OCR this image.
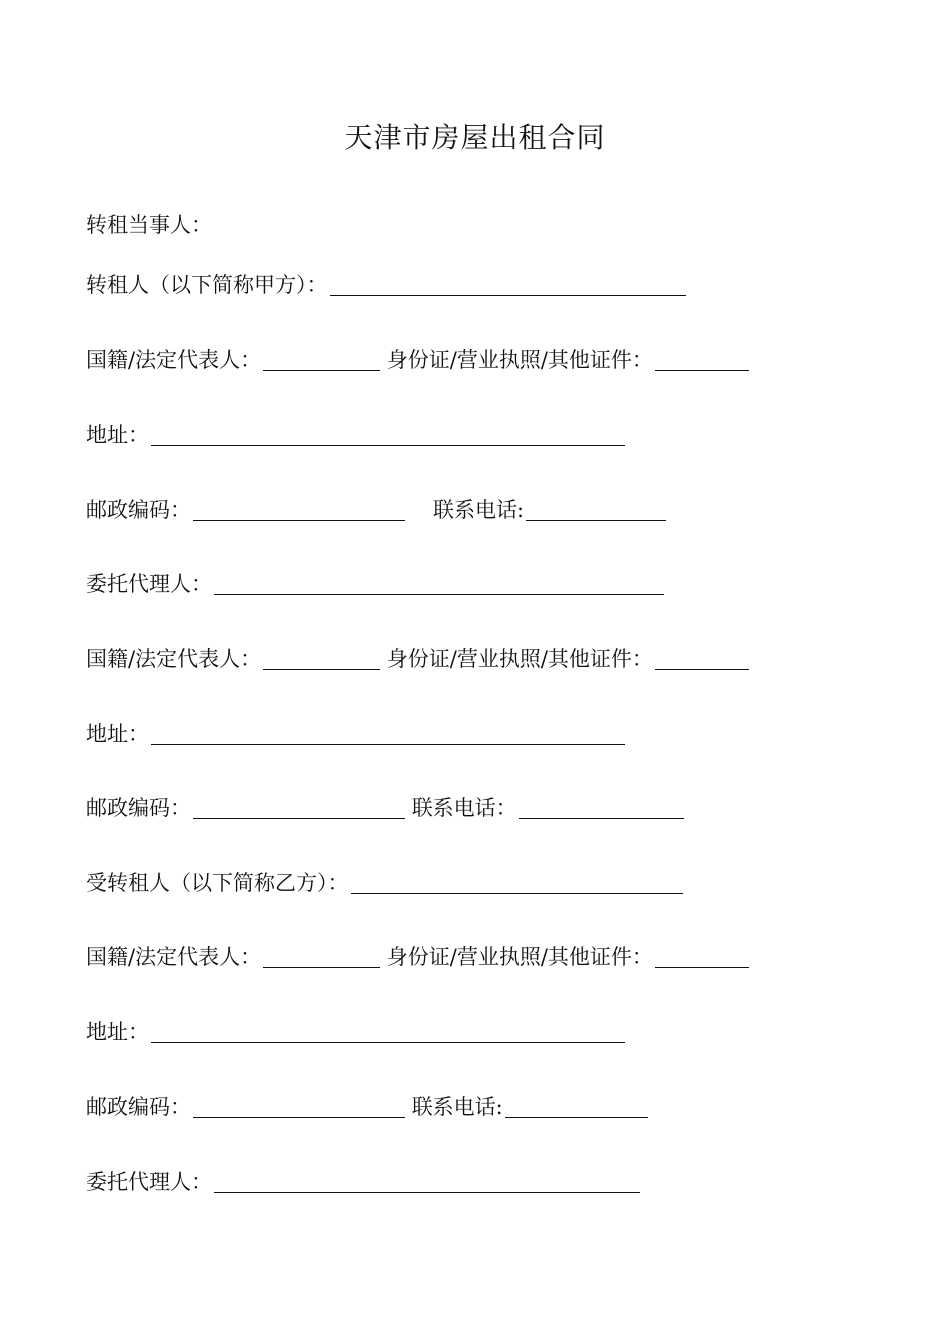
天津市房屋出租合同
转租当事人：
转租人（以下简称甲方）：
国籍/法定代表人：	身份证/营业执照/其他证件：
地址：
邮政编码：	联系电话:
委托代理人：
国籍/法定代表人：	身份证/营业执照/其他证件：
地址：
邮政编码：	联系电话：
受转租人（以下简称乙方）：
国籍/法定代表人：	身份证/营业执照/其他证件：
地址：
邮政编码：	联系电话:
委托代理人：
